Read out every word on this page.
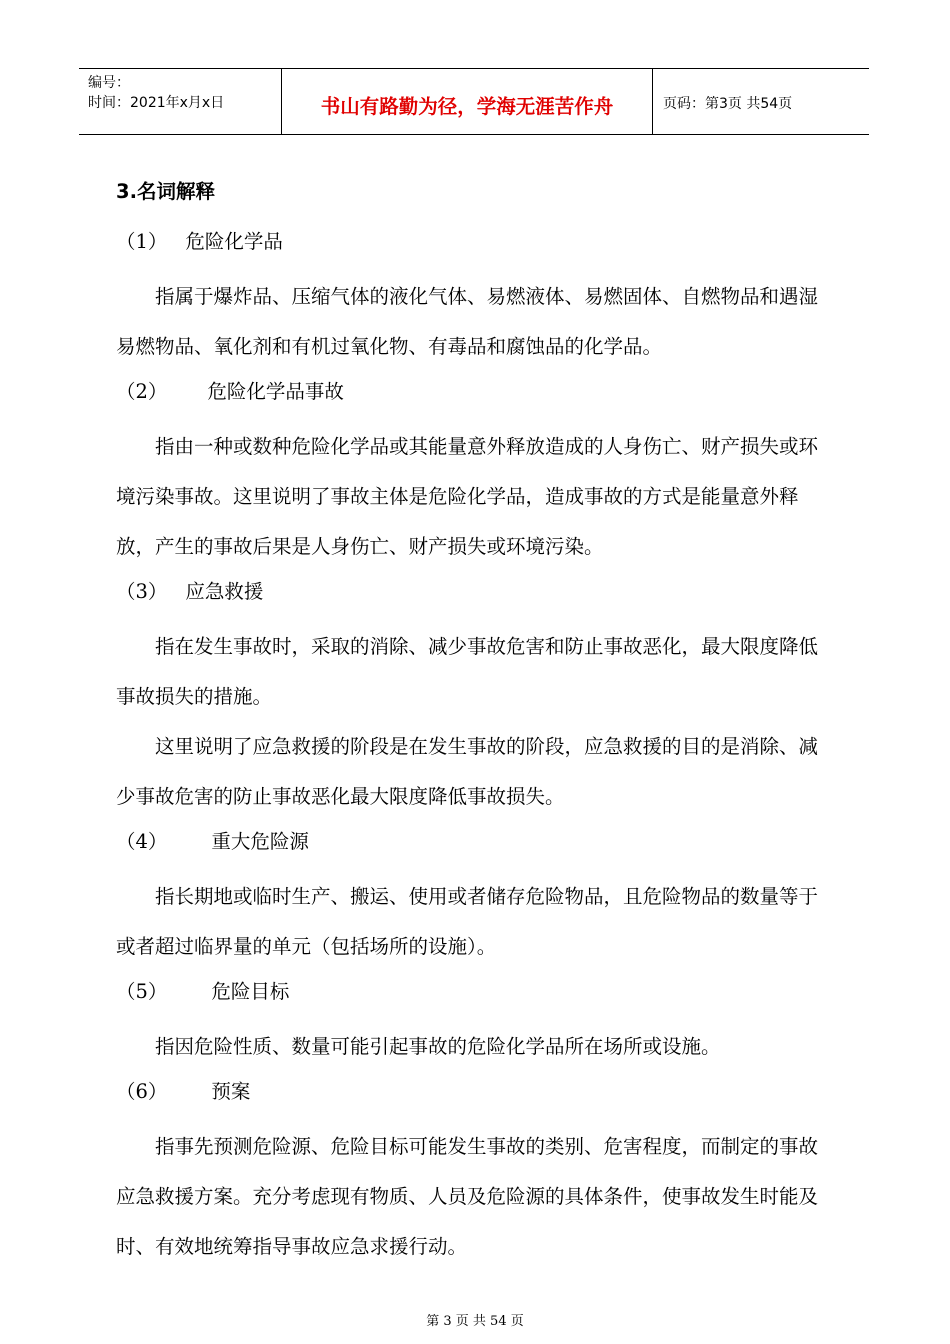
编号：
时间：2021年x月x日	书山有路勤为径，学海无涯苦作舟	页码：第3页 共54页
3.名词解释
（1） 危险化学品

指属于爆炸品、压缩气体的液化气体、易燃液体、易燃固体、自燃物品和遇湿易燃物品、氧化剂和有机过氧化物、有毒品和腐蚀品的化学品。

（2） 危险化学品事故

指由一种或数种危险化学品或其能量意外释放造成的人身伤亡、财产损失或环境污染事故。这里说明了事故主体是危险化学品，造成事故的方式是能量意外释放，产生的事故后果是人身伤亡、财产损失或环境污染。

（3） 应急救援

指在发生事故时，采取的消除、减少事故危害和防止事故恶化，最大限度降低事故损失的措施。

这里说明了应急救援的阶段是在发生事故的阶段，应急救援的目的是消除、减少事故危害的防止事故恶化最大限度降低事故损失。

（4） 重大危险源

指长期地或临时生产、搬运、使用或者储存危险物品，且危险物品的数量等于或者超过临界量的单元（包括场所的设施）。

（5） 危险目标

指因危险性质、数量可能引起事故的危险化学品所在场所或设施。

（6） 预案

指事先预测危险源、危险目标可能发生事故的类别、危害程度，而制定的事故应急救援方案。充分考虑现有物质、人员及危险源的具体条件，使事故发生时能及时、有效地统筹指导事故应急求援行动。

第 3 页 共 54 页
